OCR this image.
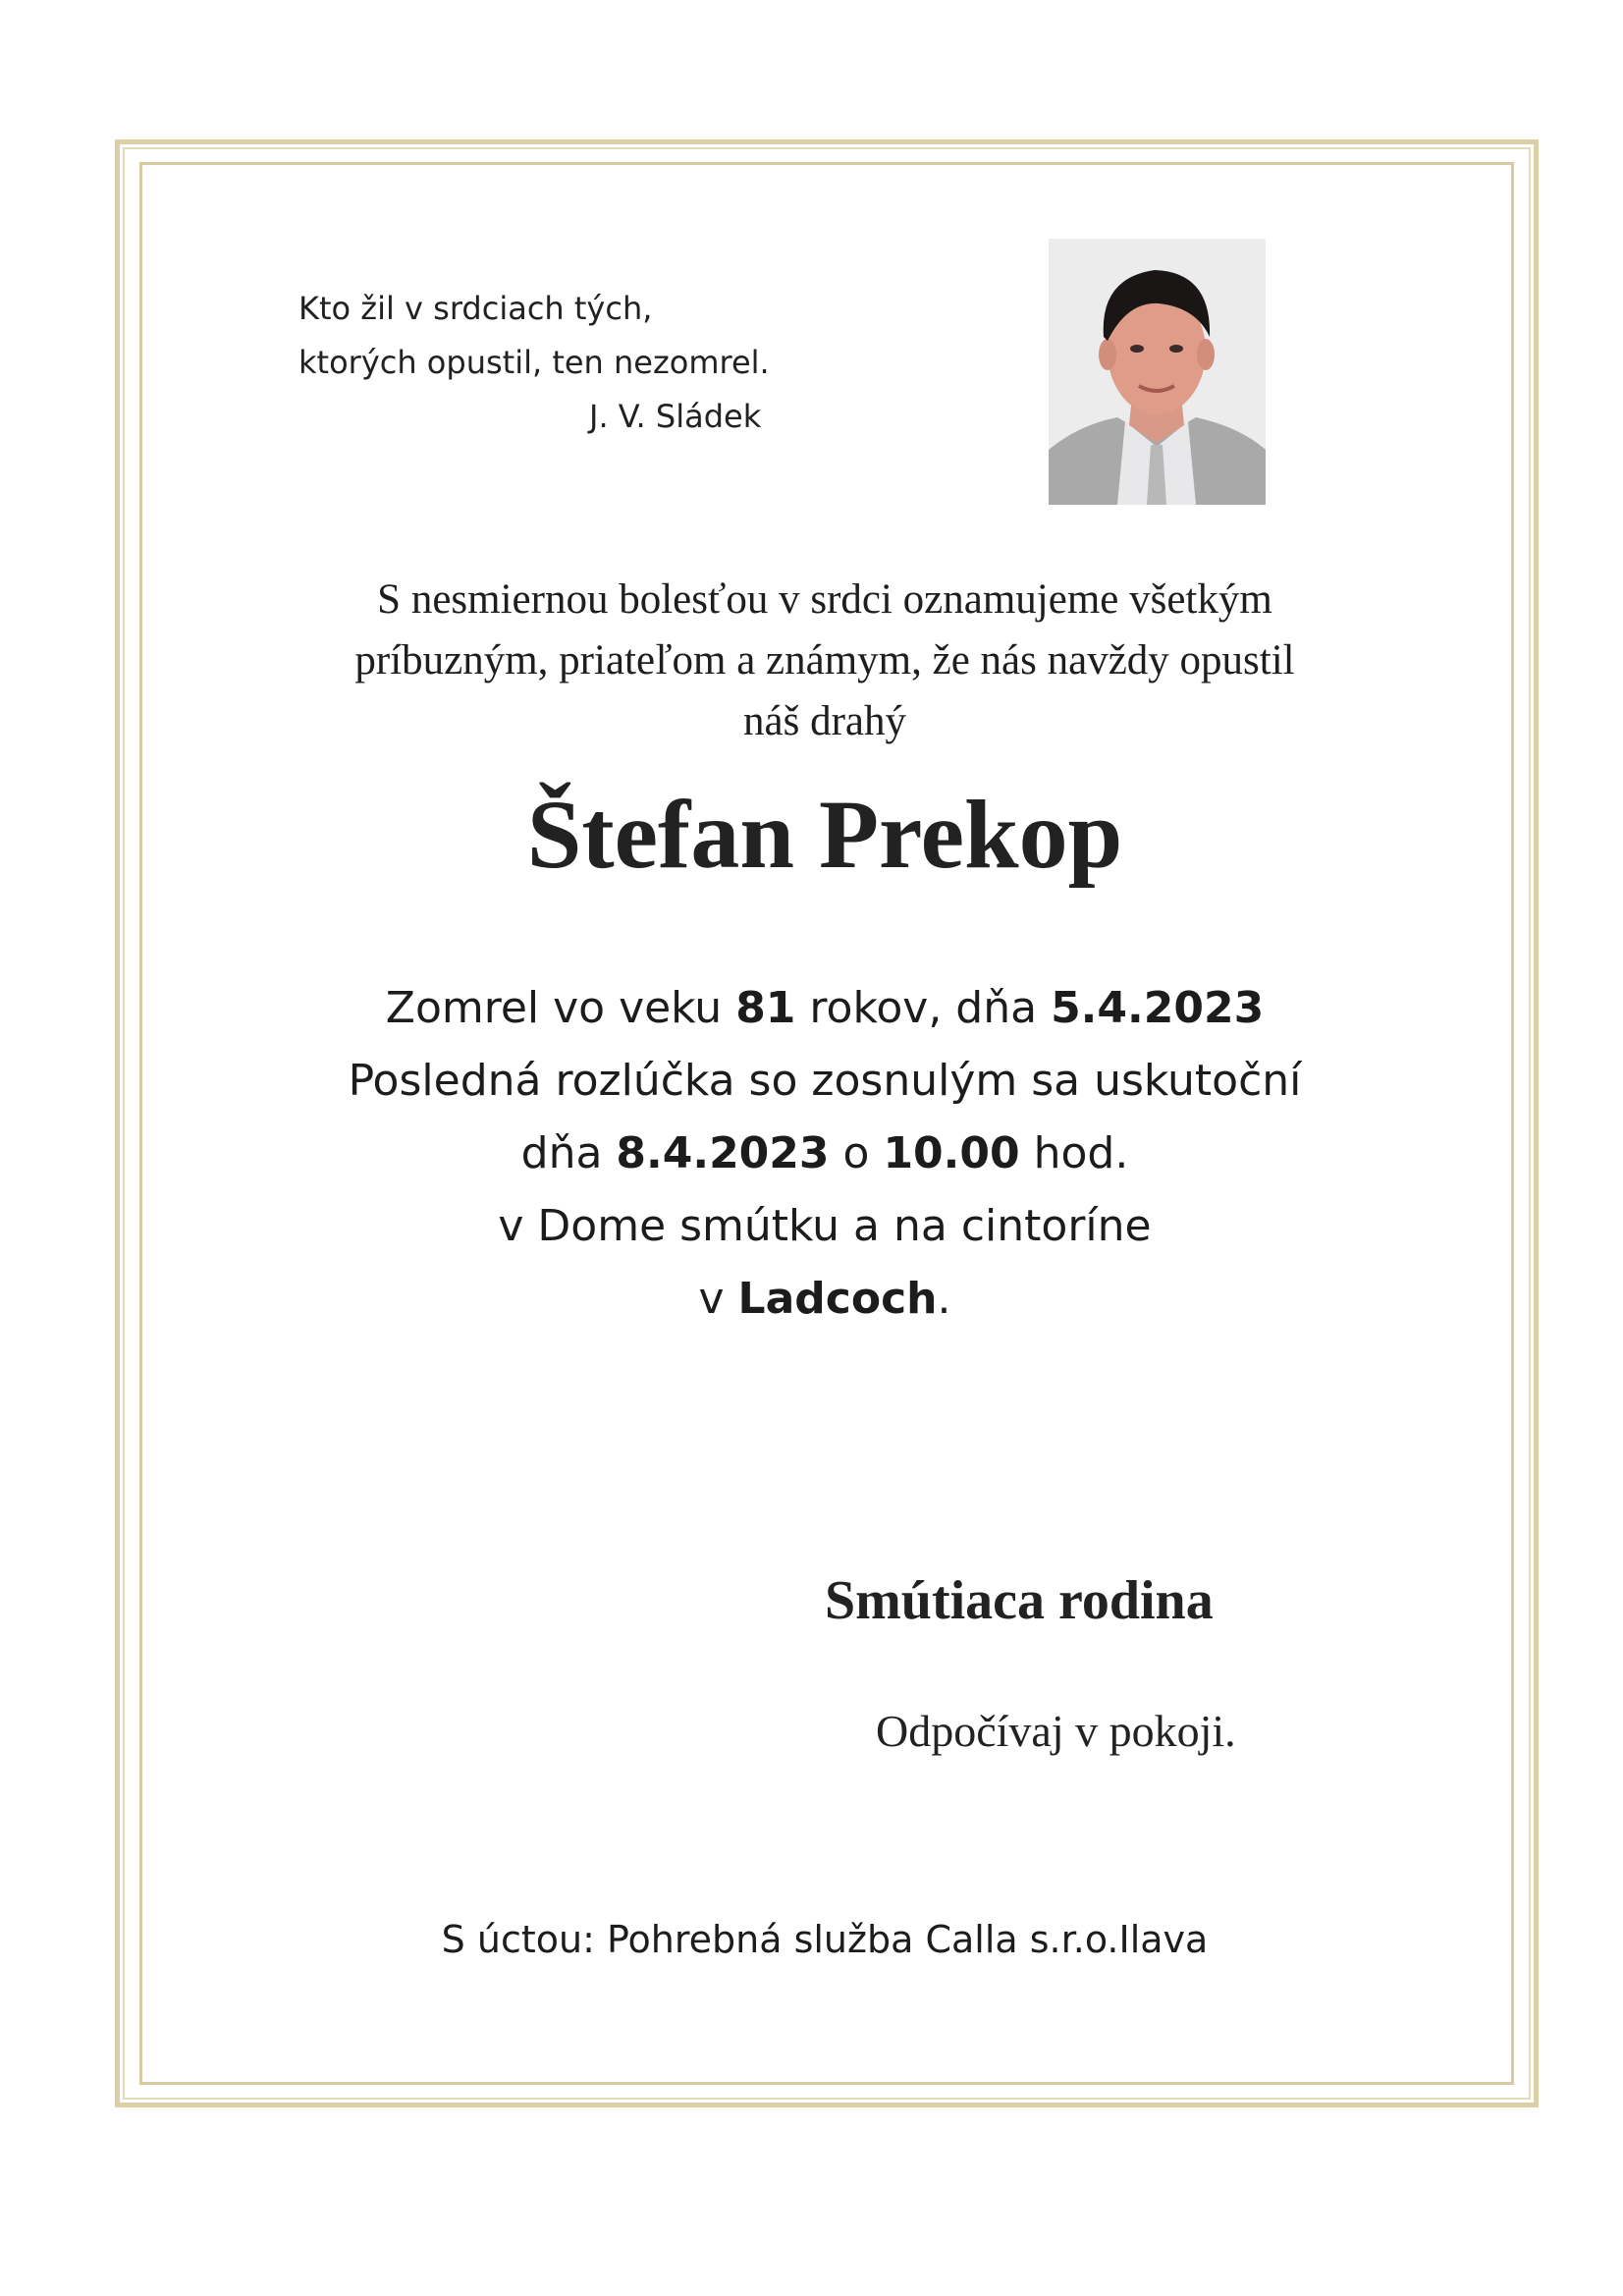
Kto žil v srdciach tých,
ktorých opustil, ten nezomrel.
J. V. Sládek
S nesmiernou bolesťou v srdci oznamujeme všetkým
príbuzným, priateľom a známym, že nás navždy opustil
náš drahý
Štefan Prekop
Zomrel vo veku 81 rokov, dňa 5.4.2023
Posledná rozlúčka so zosnulým sa uskutoční
dňa 8.4.2023 o 10.00 hod.
v Dome smútku a na cintoríne
v Ladcoch.
Smútiaca rodina
Odpočívaj v pokoji.
S úctou: Pohrebná služba Calla s.r.o.Ilava
